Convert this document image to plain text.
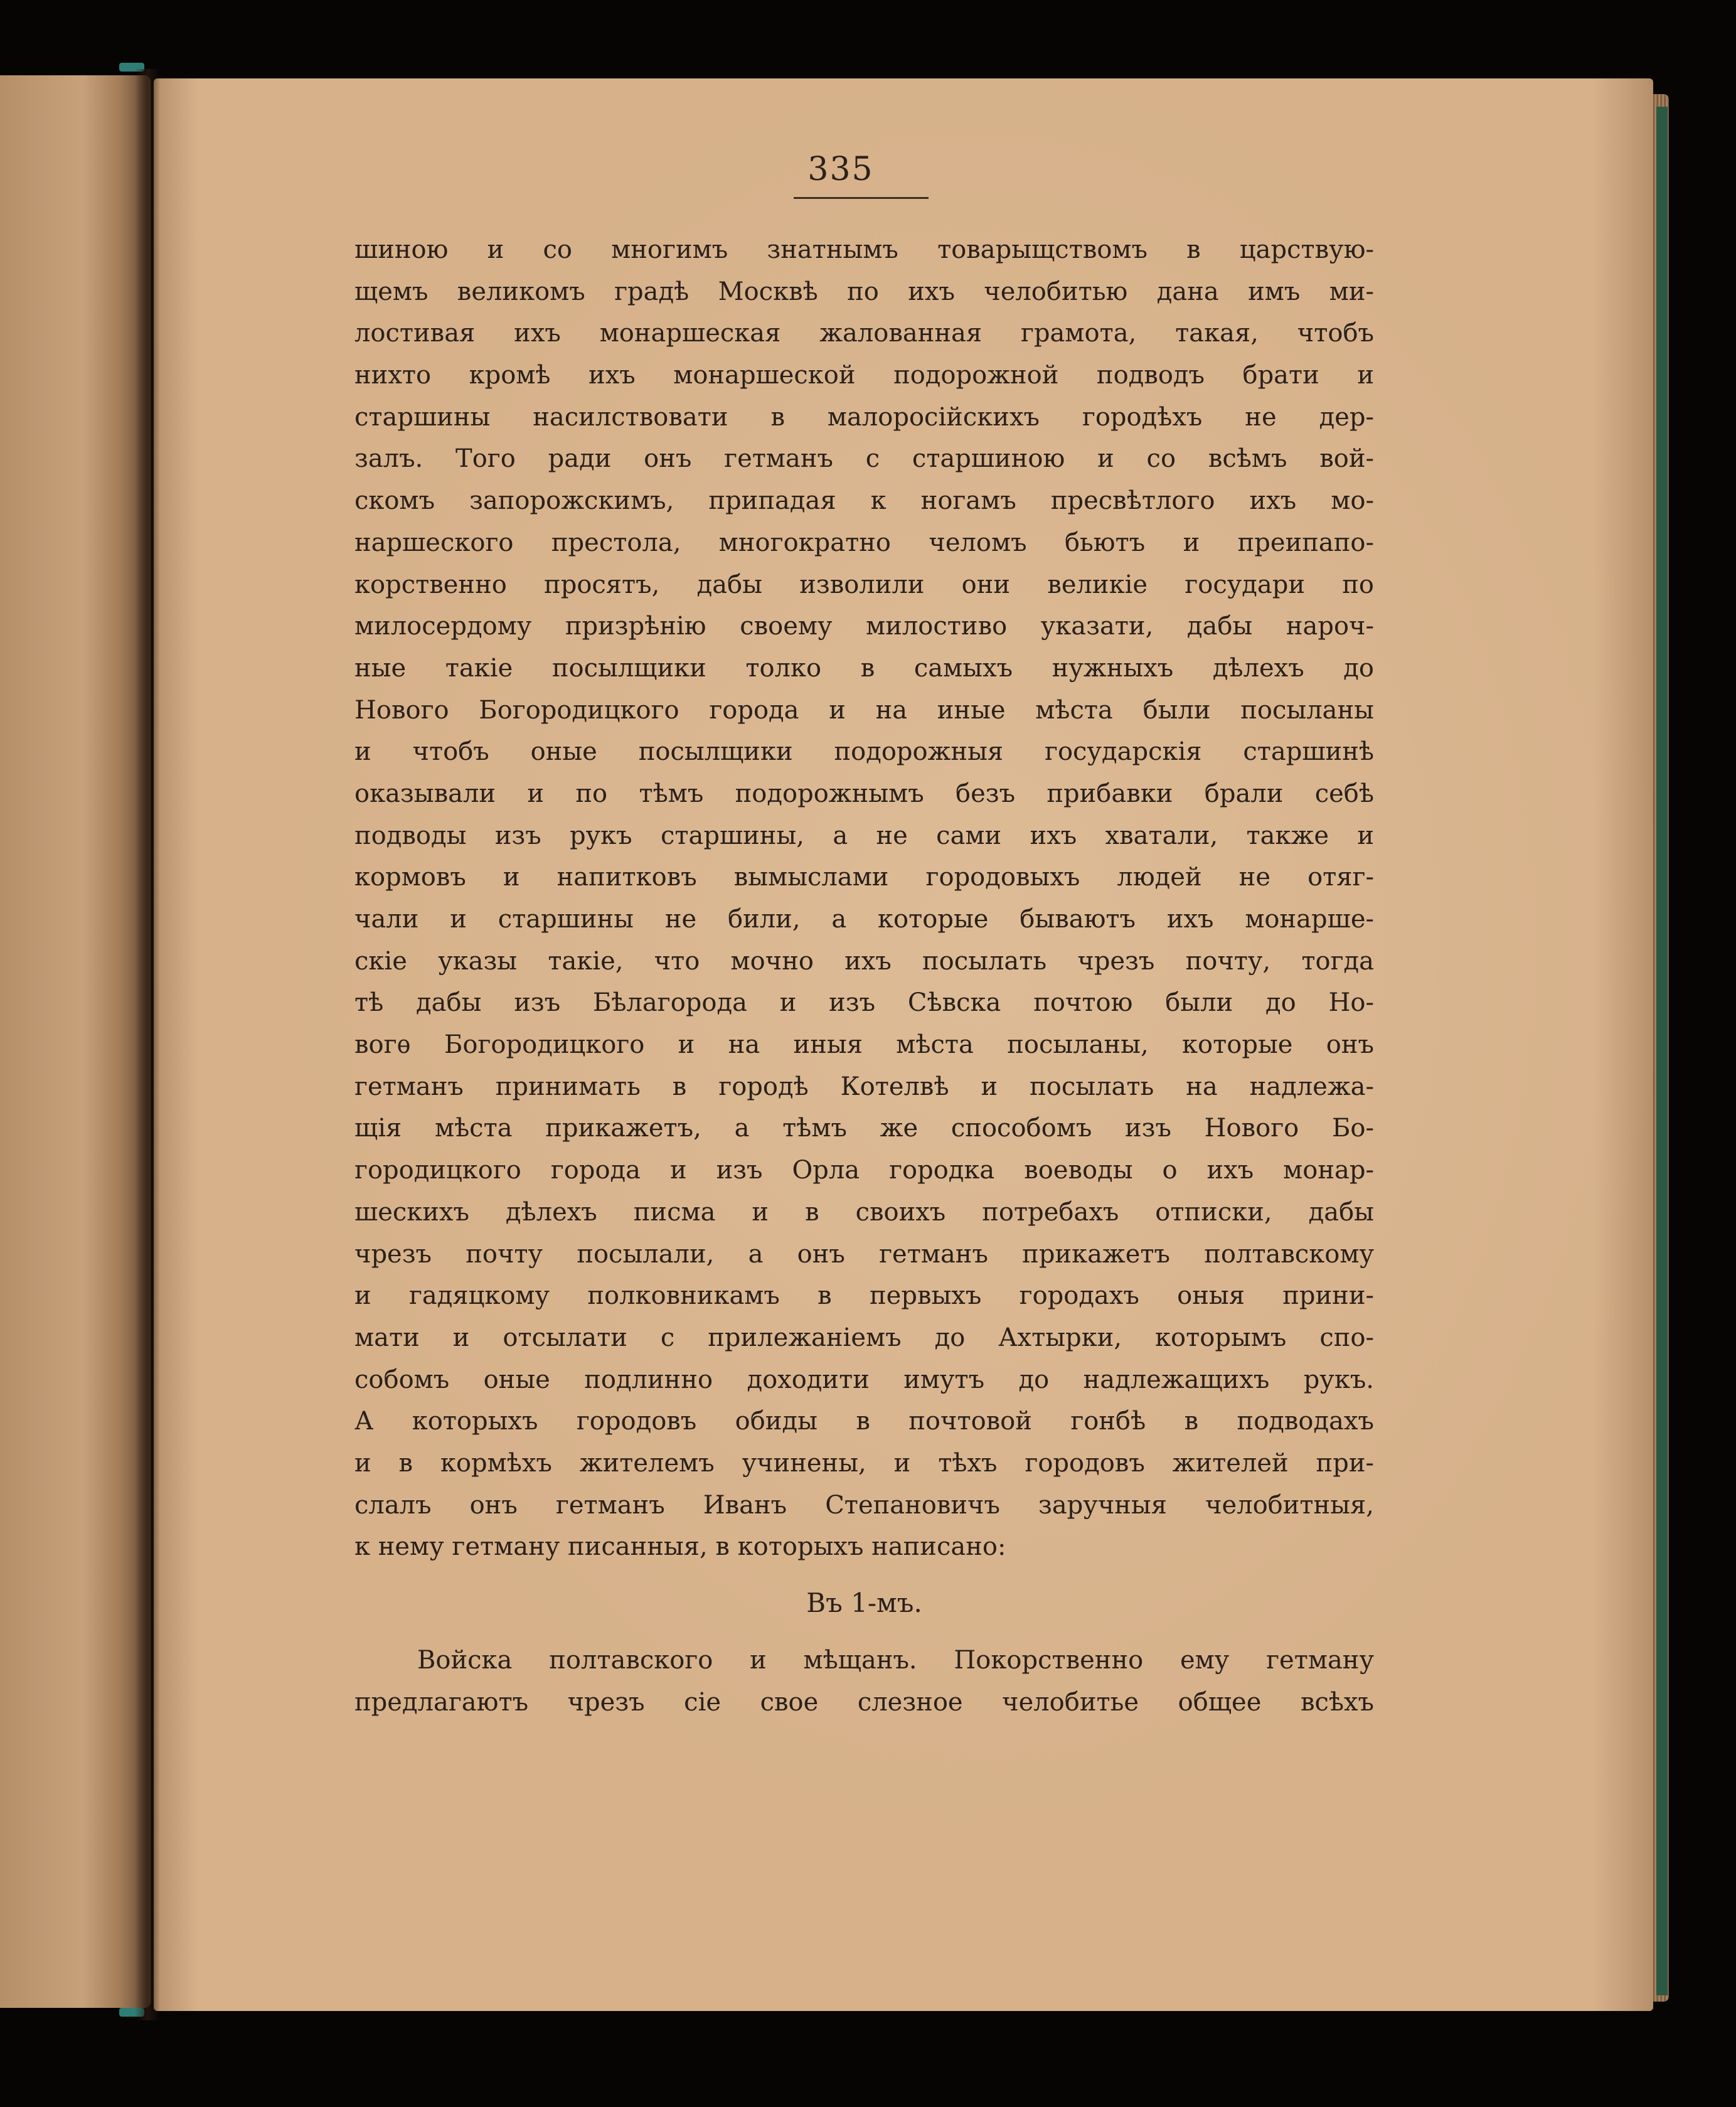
335
шиною и со многимъ знатнымъ товарыщствомъ в царствую-
щемъ великомъ градѣ Москвѣ по ихъ челобитью дана имъ ми-
лостивая ихъ монаршеская жалованная грамота, такая, чтобъ
нихто кромѣ ихъ монаршеской подорожной подводъ брати и
старшины насилствовати в малоросійскихъ городѣхъ не дер-
залъ. Того ради онъ гетманъ с старшиною и со всѣмъ вой-
скомъ запорожскимъ, припадая к ногамъ пресвѣтлого ихъ мо-
наршеского престола, многократно челомъ бьютъ и преипапо-
корственно просятъ, дабы изволили они великіе государи по
милосердому призрѣнію своему милостиво указати, дабы нароч-
ные такіе посылщики толко в самыхъ нужныхъ дѣлехъ до
Нового Богородицкого города и на иные мѣста были посыланы
и чтобъ оные посылщики подорожныя государскія старшинѣ
оказывали и по тѣмъ подорожнымъ безъ прибавки брали себѣ
подводы изъ рукъ старшины, а не сами ихъ хватали, также и
кормовъ и напитковъ вымыслами городовыхъ людей не отяг-
чали и старшины не били, а которые бываютъ ихъ монарше-
скіе указы такіе, что мочно ихъ посылать чрезъ почту, тогда
тѣ дабы изъ Бѣлагорода и изъ Сѣвска почтою были до Но-
вогѳ Богородицкого и на иныя мѣста посыланы, которые онъ
гетманъ принимать в городѣ Котелвѣ и посылать на надлежа-
щія мѣста прикажетъ, а тѣмъ же способомъ изъ Нового Бо-
городицкого города и изъ Орла городка воеводы о ихъ монар-
шескихъ дѣлехъ писма и в своихъ потребахъ отписки, дабы
чрезъ почту посылали, а онъ гетманъ прикажетъ полтавскому
и гадяцкому полковникамъ в первыхъ городахъ оныя прини-
мати и отсылати с прилежаніемъ до Ахтырки, которымъ спо-
собомъ оные подлинно доходити имутъ до надлежащихъ рукъ.
А которыхъ городовъ обиды в почтовой гонбѣ в подводахъ
и в кормѣхъ жителемъ учинены, и тѣхъ городовъ жителей при-
слалъ онъ гетманъ Иванъ Степановичъ заручныя челобитныя,
к нему гетману писанныя, в которыхъ написано:
Въ 1-мъ.
Войска полтавского и мѣщанъ. Покорственно ему гетману
предлагаютъ чрезъ сіе свое слезное челобитье общее всѣхъ
